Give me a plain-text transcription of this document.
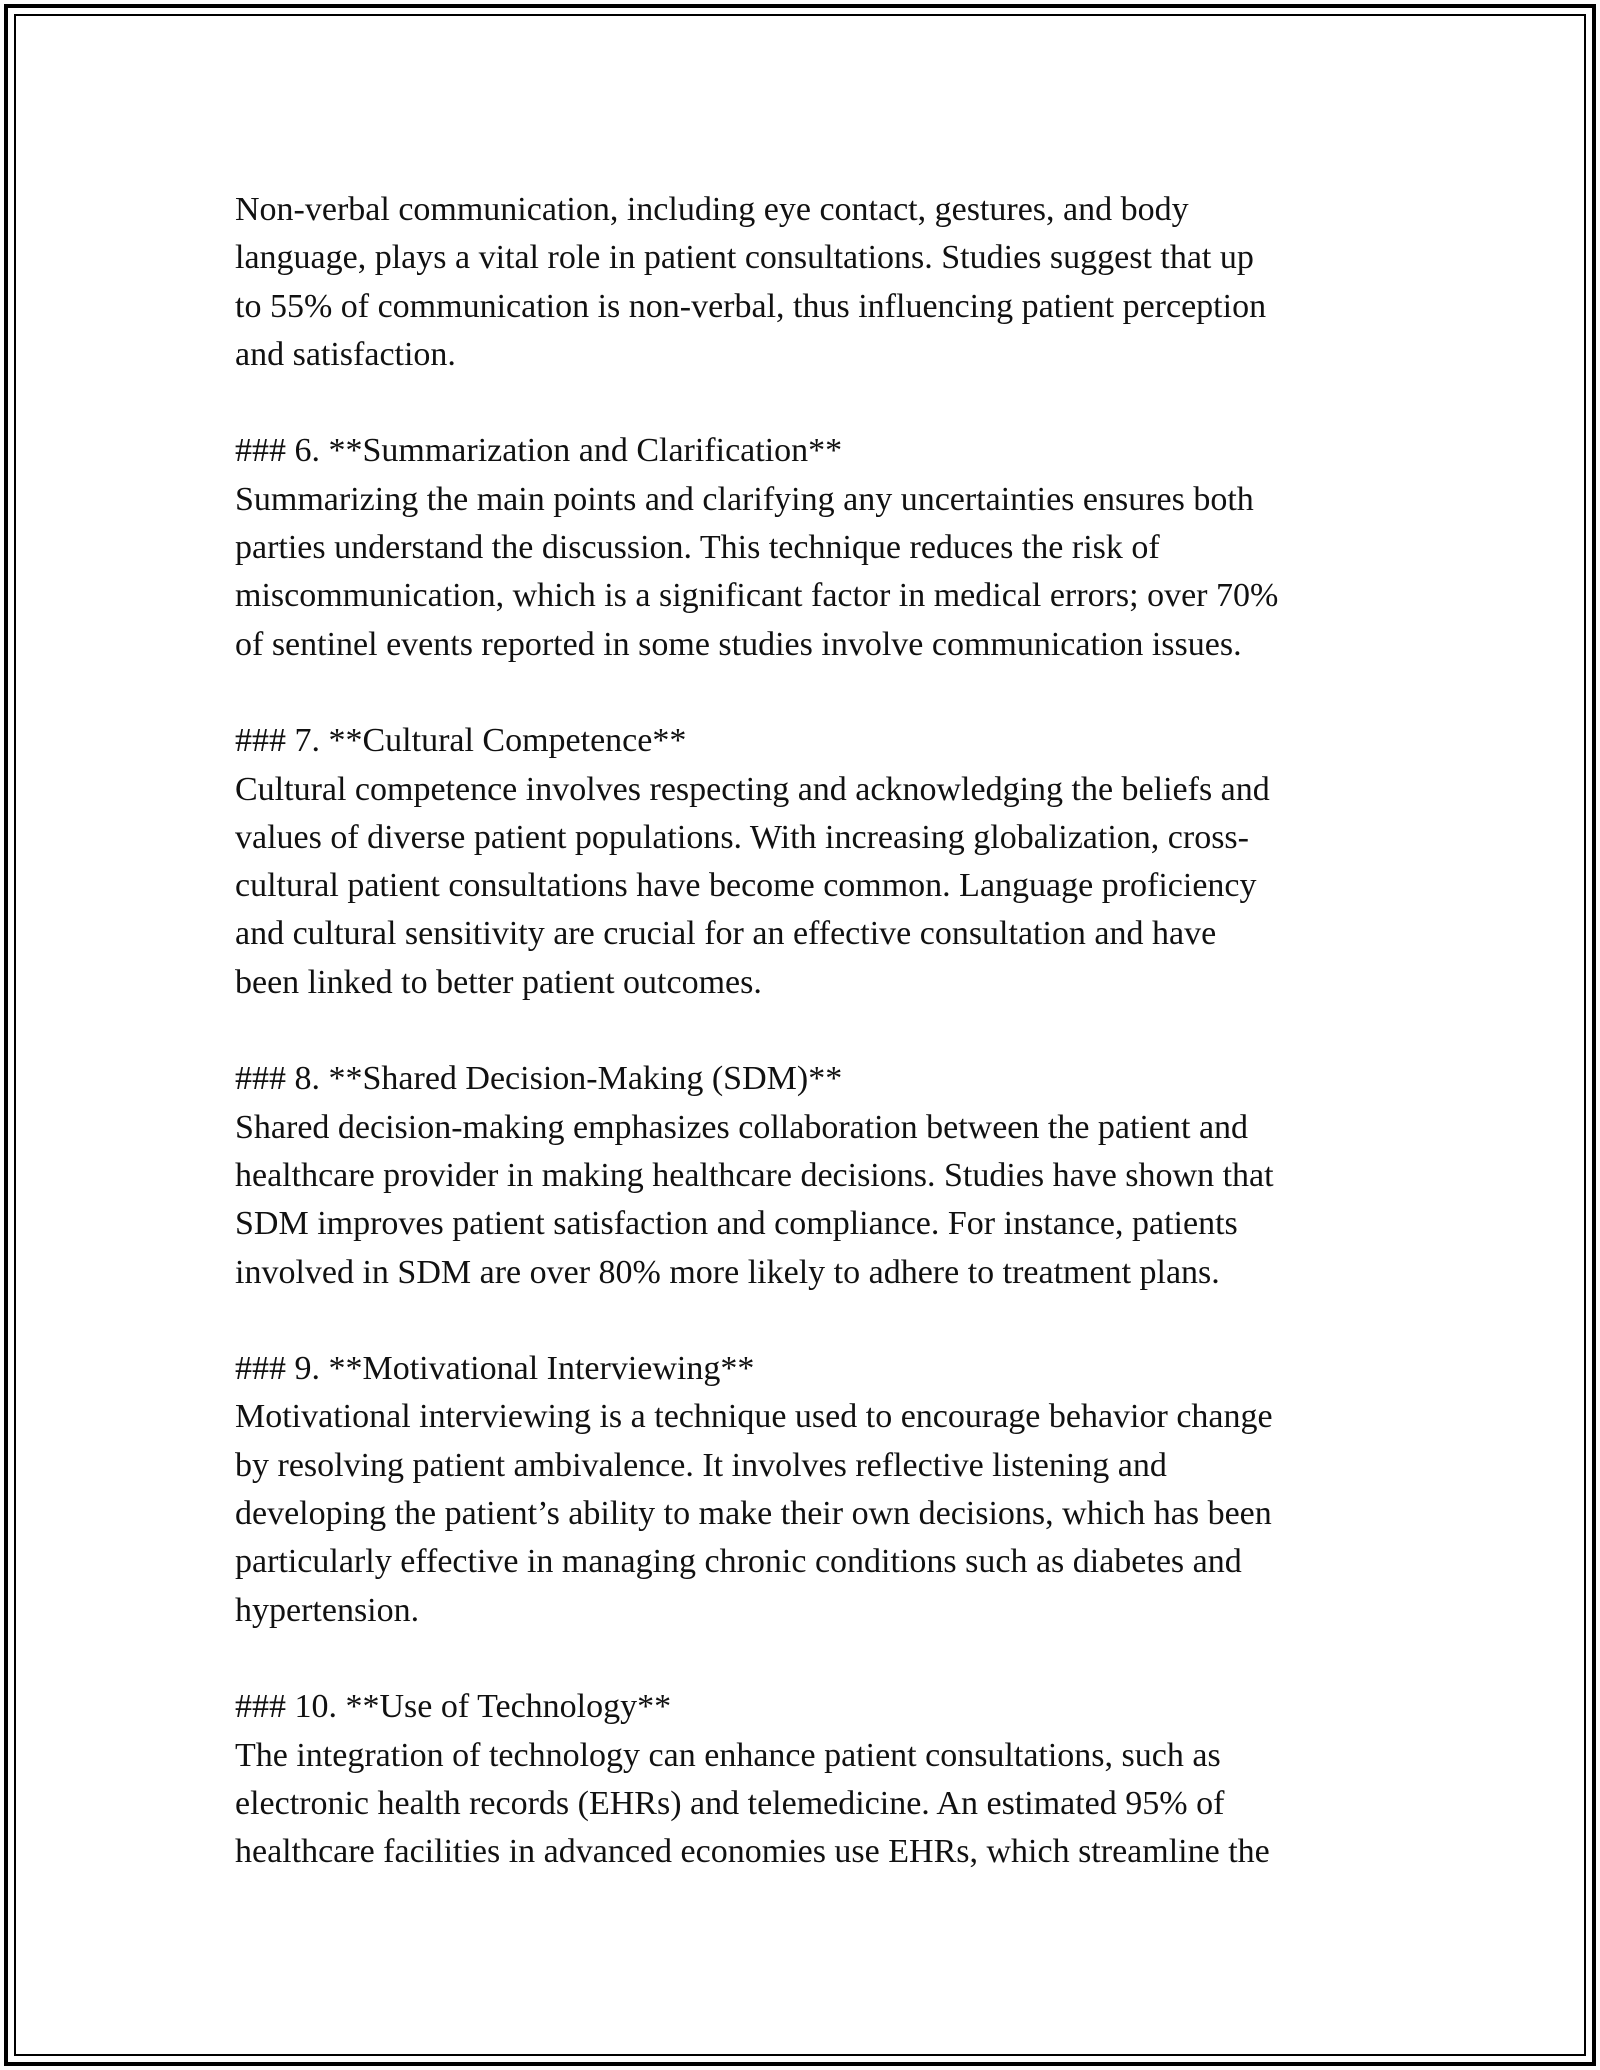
Non-verbal communication, including eye contact, gestures, and body
language, plays a vital role in patient consultations. Studies suggest that up
to 55% of communication is non-verbal, thus influencing patient perception
and satisfaction.
### 6. **Summarization and Clarification**
Summarizing the main points and clarifying any uncertainties ensures both
parties understand the discussion. This technique reduces the risk of
miscommunication, which is a significant factor in medical errors; over 70%
of sentinel events reported in some studies involve communication issues.
### 7. **Cultural Competence**
Cultural competence involves respecting and acknowledging the beliefs and
values of diverse patient populations. With increasing globalization, cross-
cultural patient consultations have become common. Language proficiency
and cultural sensitivity are crucial for an effective consultation and have
been linked to better patient outcomes.
### 8. **Shared Decision-Making (SDM)**
Shared decision-making emphasizes collaboration between the patient and
healthcare provider in making healthcare decisions. Studies have shown that
SDM improves patient satisfaction and compliance. For instance, patients
involved in SDM are over 80% more likely to adhere to treatment plans.
### 9. **Motivational Interviewing**
Motivational interviewing is a technique used to encourage behavior change
by resolving patient ambivalence. It involves reflective listening and
developing the patient’s ability to make their own decisions, which has been
particularly effective in managing chronic conditions such as diabetes and
hypertension.
### 10. **Use of Technology**
The integration of technology can enhance patient consultations, such as
electronic health records (EHRs) and telemedicine. An estimated 95% of
healthcare facilities in advanced economies use EHRs, which streamline the
